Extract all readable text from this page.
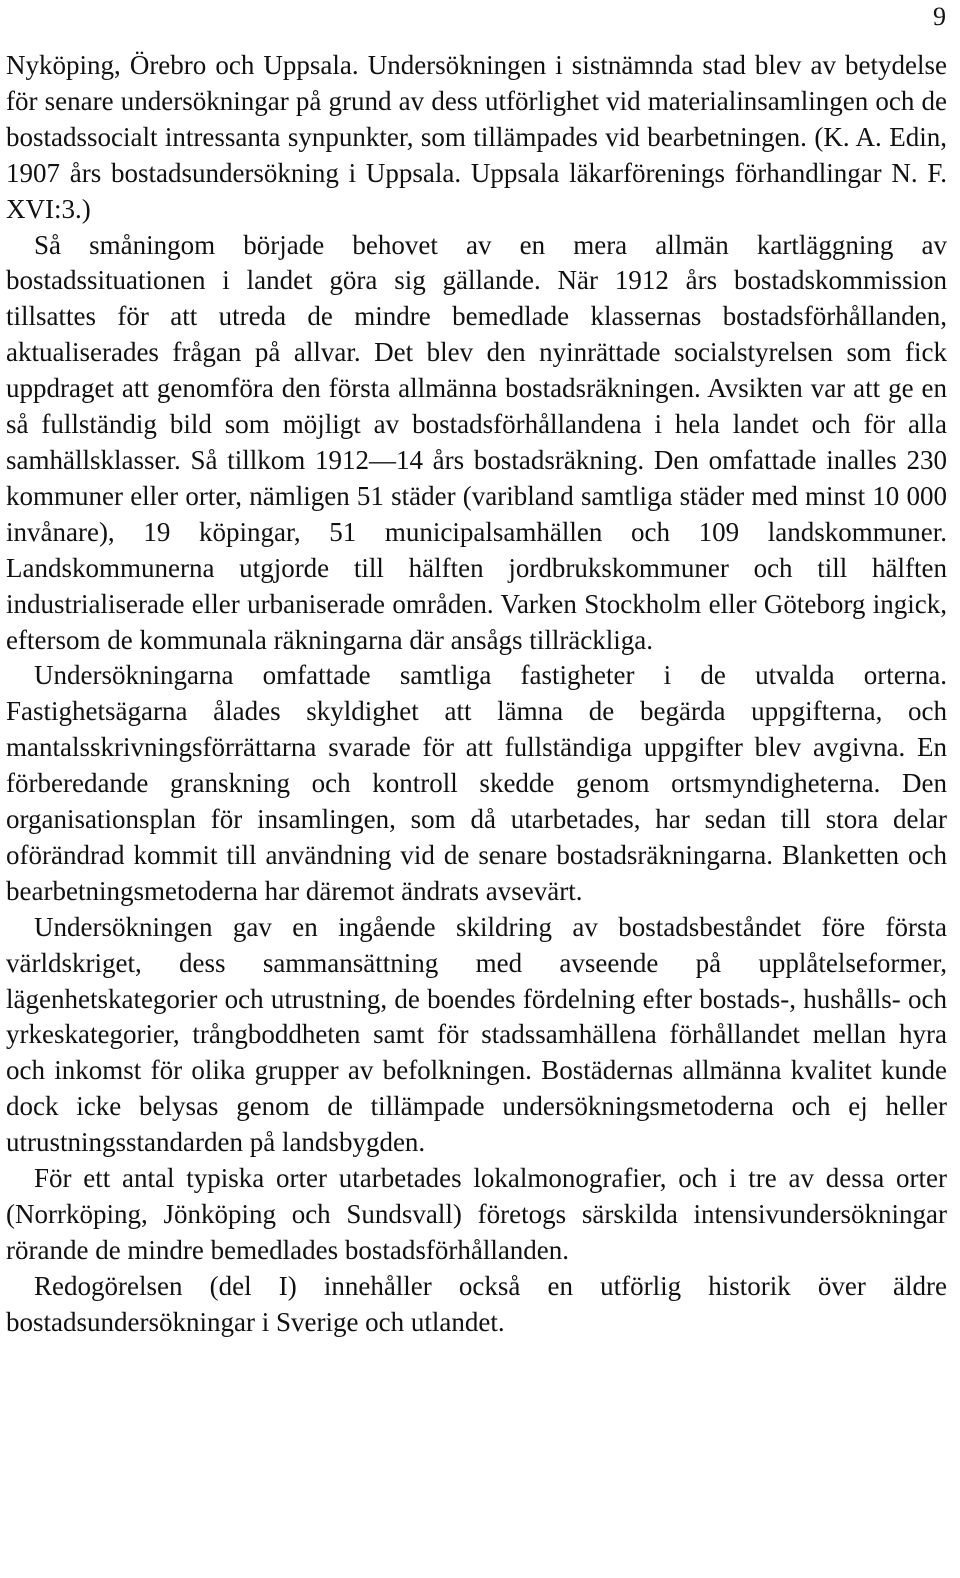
9

Nyköping, Örebro och Uppsala. Undersökningen i sistnämnda stad blev av betydelse för senare undersökningar på grund av dess utförlighet vid materialinsamlingen och de bostadssocialt intressanta synpunkter, som tillämpades vid bearbetningen. (K. A. Edin, 1907 års bostadsundersökning i Uppsala. Uppsala läkarförenings förhandlingar N. F. XVI:3.)

Så småningom började behovet av en mera allmän kartläggning av bostadssituationen i landet göra sig gällande. När 1912 års bostadskommission tillsattes för att utreda de mindre bemedlade klassernas bostadsförhållanden, aktualiserades frågan på allvar. Det blev den nyinrättade socialstyrelsen som fick uppdraget att genomföra den första allmänna bostadsräkningen. Avsikten var att ge en så fullständig bild som möjligt av bostadsförhållandena i hela landet och för alla samhällsklasser. Så tillkom 1912—14 års bostadsräkning. Den omfattade inalles 230 kommuner eller orter, nämligen 51 städer (varibland samtliga städer med minst 10 000 invånare), 19 köpingar, 51 municipalsamhällen och 109 landskommuner. Landskommunerna utgjorde till hälften jordbrukskommuner och till hälften industrialiserade eller urbaniserade områden. Varken Stockholm eller Göteborg ingick, eftersom de kommunala räkningarna där ansågs tillräckliga.

Undersökningarna omfattade samtliga fastigheter i de utvalda orterna. Fastighetsägarna ålades skyldighet att lämna de begärda uppgifterna, och mantalsskrivningsförrättarna svarade för att fullständiga uppgifter blev avgivna. En förberedande granskning och kontroll skedde genom ortsmyndigheterna. Den organisationsplan för insamlingen, som då utarbetades, har sedan till stora delar oförändrad kommit till användning vid de senare bostadsräkningarna. Blanketten och bearbetningsmetoderna har däremot ändrats avsevärt.

Undersökningen gav en ingående skildring av bostadsbeståndet före första världskriget, dess sammansättning med avseende på upplåtelseformer, lägenhetskategorier och utrustning, de boendes fördelning efter bostads-, hushålls- och yrkeskategorier, trångboddheten samt för stadssamhällena förhållandet mellan hyra och inkomst för olika grupper av befolkningen. Bostädernas allmänna kvalitet kunde dock icke belysas genom de tillämpade undersökningsmetoderna och ej heller utrustningsstandarden på landsbygden.

För ett antal typiska orter utarbetades lokalmonografier, och i tre av dessa orter (Norrköping, Jönköping och Sundsvall) företogs särskilda intensivundersökningar rörande de mindre bemedlades bostadsförhållanden.

Redogörelsen (del I) innehåller också en utförlig historik över äldre bostadsundersökningar i Sverige och utlandet.
